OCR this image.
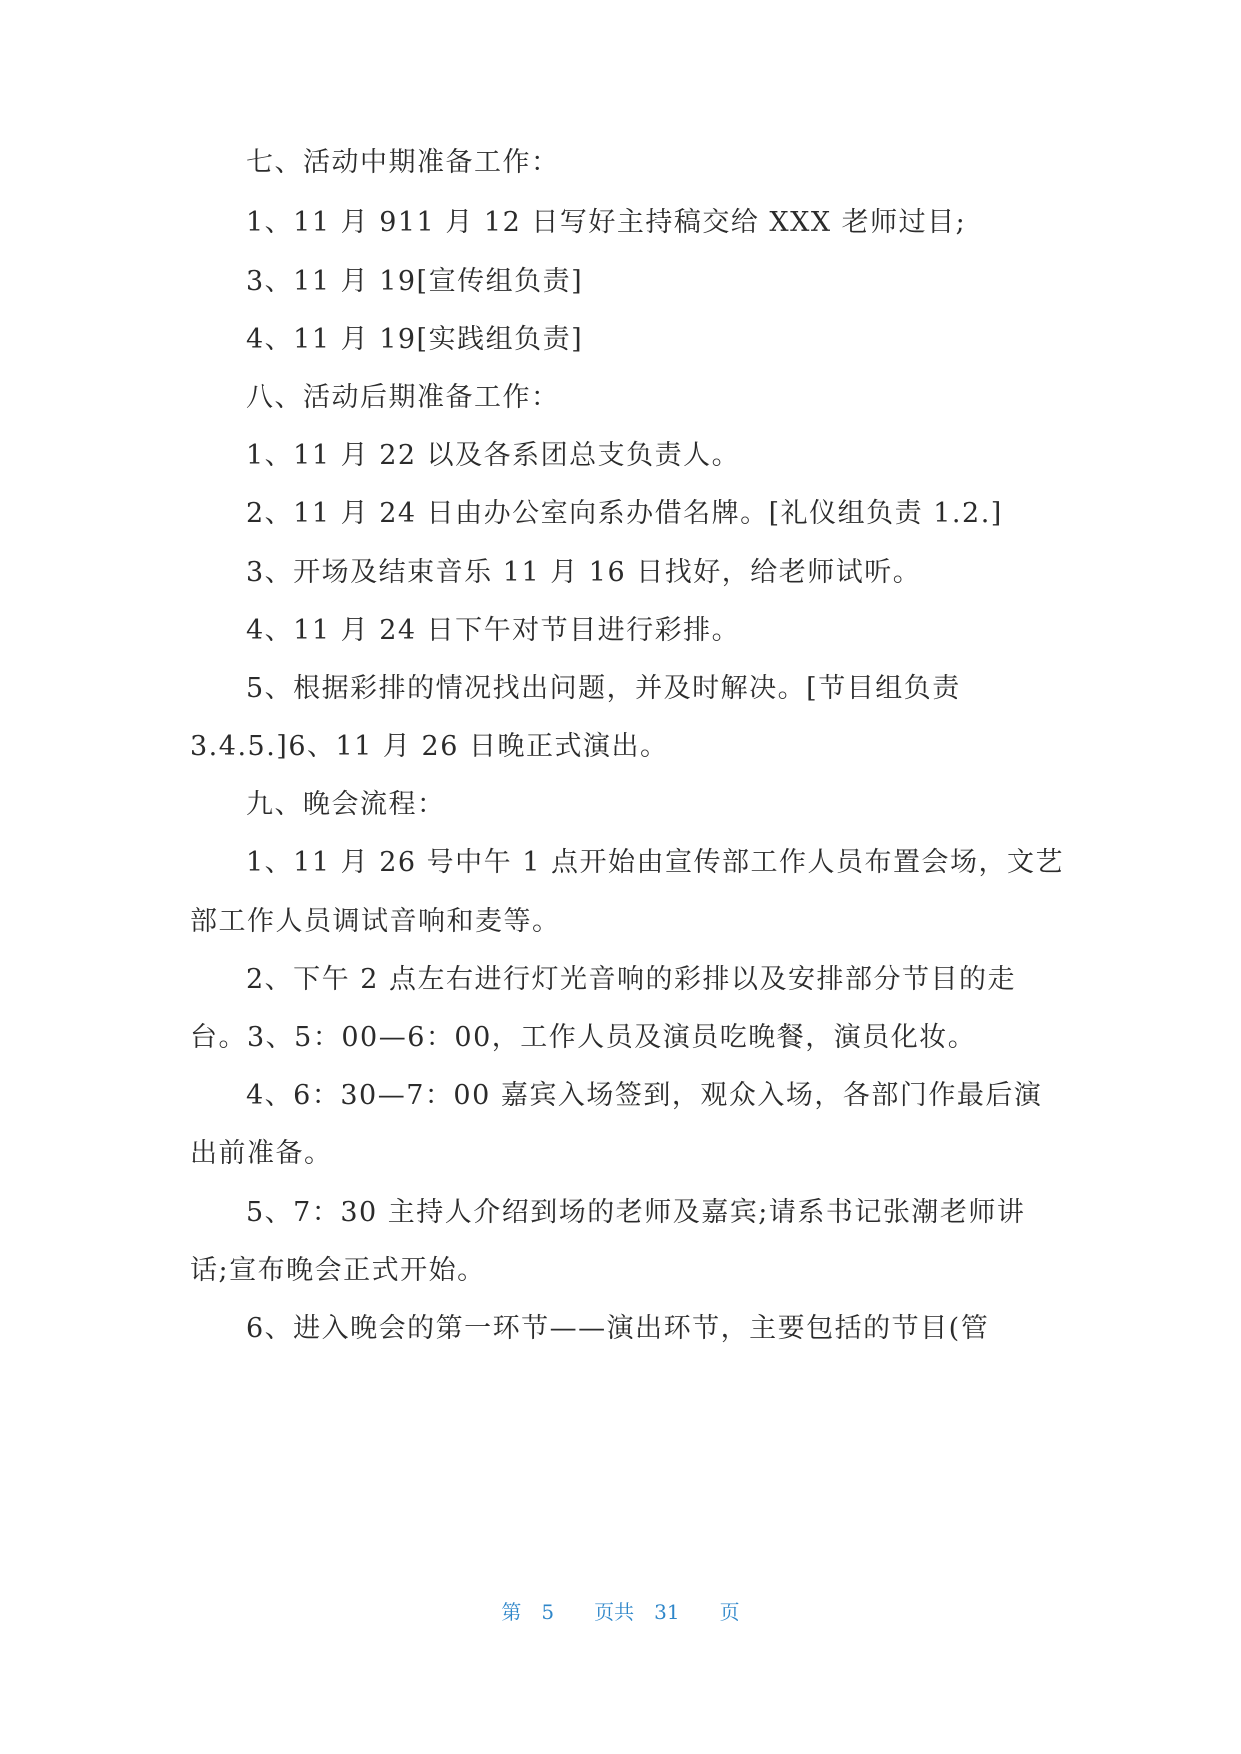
七、活动中期准备工作：
1、11 月 911 月 12 日写好主持稿交给 XXX 老师过目;
3、11 月 19[宣传组负责]
4、11 月 19[实践组负责]
八、活动后期准备工作：
1、11 月 22 以及各系团总支负责人。
2、11 月 24 日由办公室向系办借名牌。[礼仪组负责 1.2.]
3、开场及结束音乐 11 月 16 日找好，给老师试听。
4、11 月 24 日下午对节目进行彩排。
5、根据彩排的情况找出问题，并及时解决。[节目组负责
3.4.5.]6、11 月 26 日晚正式演出。
九、晚会流程：
1、11 月 26 号中午 1 点开始由宣传部工作人员布置会场，文艺
部工作人员调试音响和麦等。
2、下午 2 点左右进行灯光音响的彩排以及安排部分节目的走
台。3、5：00—6：00，工作人员及演员吃晚餐，演员化妆。
4、6：30—7：00 嘉宾入场签到，观众入场，各部门作最后演
出前准备。
5、7：30 主持人介绍到场的老师及嘉宾;请系书记张潮老师讲
话;宣布晚会正式开始。
6、进入晚会的第一环节——演出环节，主要包括的节目(管
第 5 页共 31 页
